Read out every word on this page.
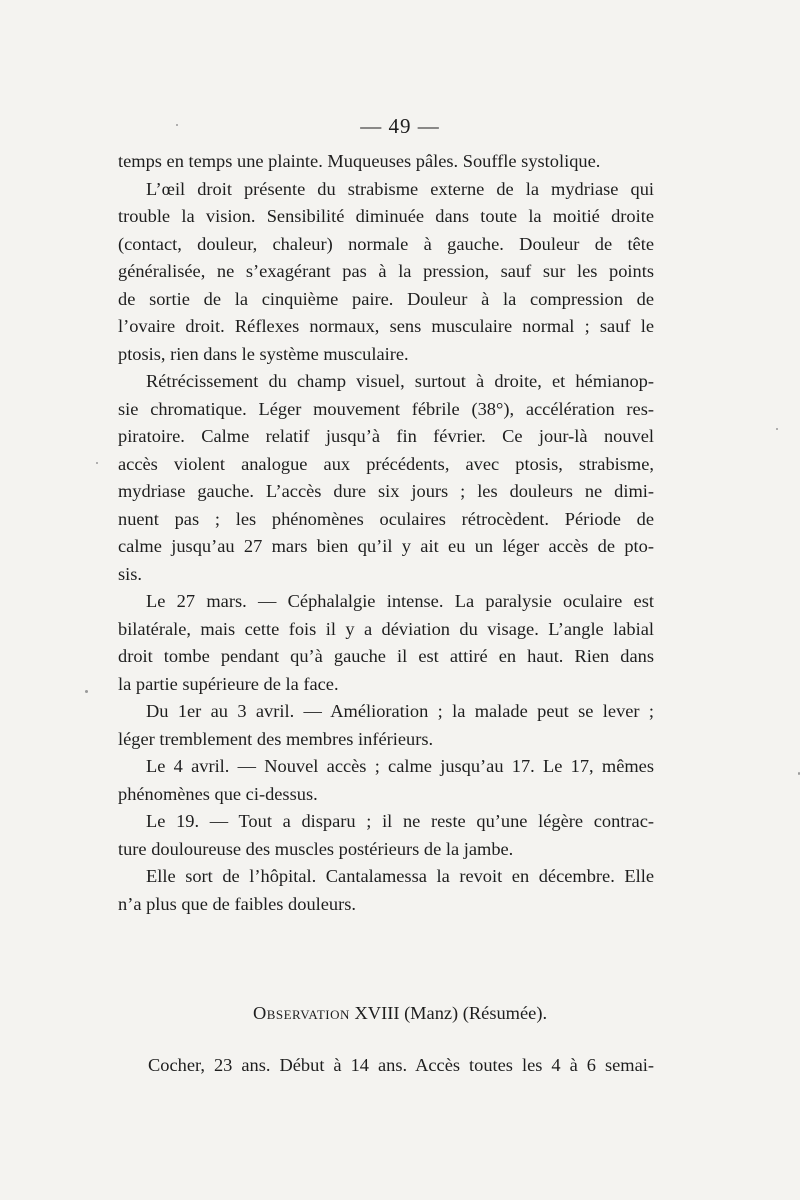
— 49 —
temps en temps une plainte. Muqueuses pâles. Souffle systolique.
L’œil droit présente du strabisme externe de la mydriase qui
trouble la vision. Sensibilité diminuée dans toute la moitié droite
(contact, douleur, chaleur) normale à gauche. Douleur de tête
généralisée, ne s’exagérant pas à la pression, sauf sur les points
de sortie de la cinquième paire. Douleur à la compression de
l’ovaire droit. Réflexes normaux, sens musculaire normal ; sauf le
ptosis, rien dans le système musculaire.
Rétrécissement du champ visuel, surtout à droite, et hémianop-
sie chromatique. Léger mouvement fébrile (38°), accélération res-
piratoire. Calme relatif jusqu’à fin février. Ce jour-là nouvel
accès violent analogue aux précédents, avec ptosis, strabisme,
mydriase gauche. L’accès dure six jours ; les douleurs ne dimi-
nuent pas ; les phénomènes oculaires rétrocèdent. Période de
calme jusqu’au 27 mars bien qu’il y ait eu un léger accès de pto-
sis.
Le 27 mars. — Céphalalgie intense. La paralysie oculaire est
bilatérale, mais cette fois il y a déviation du visage. L’angle labial
droit tombe pendant qu’à gauche il est attiré en haut. Rien dans
la partie supérieure de la face.
Du 1er au 3 avril. — Amélioration ; la malade peut se lever ;
léger tremblement des membres inférieurs.
Le 4 avril. — Nouvel accès ; calme jusqu’au 17. Le 17, mêmes
phénomènes que ci-dessus.
Le 19. — Tout a disparu ; il ne reste qu’une légère contrac-
ture douloureuse des muscles postérieurs de la jambe.
Elle sort de l’hôpital. Cantalamessa la revoit en décembre. Elle
n’a plus que de faibles douleurs.
Observation XVIII (Manz) (Résumée).
Cocher, 23 ans. Début à 14 ans. Accès toutes les 4 à 6 semai-
